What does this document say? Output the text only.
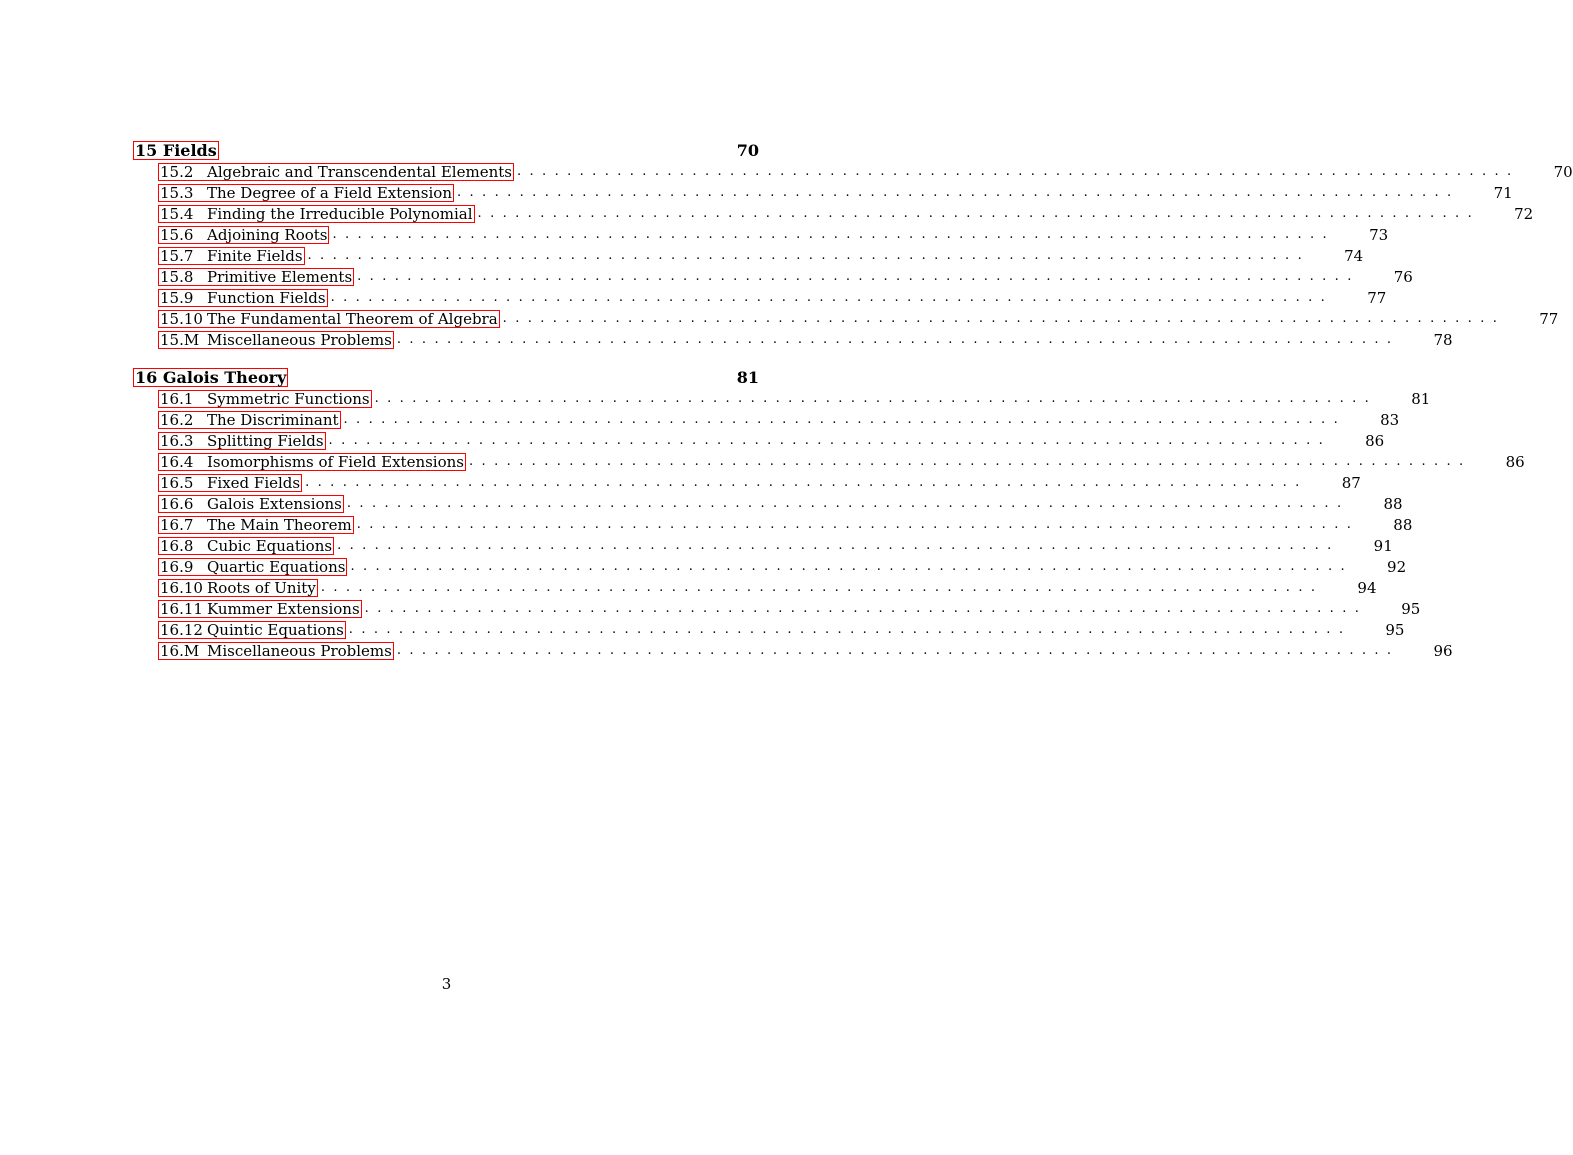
15 Fields	70
15.2 Algebraic and Transcendental Elements ................................................................................ 70
15.3 The Degree of a Field Extension ................................................................................ 71
15.4 Finding the Irreducible Polynomial ................................................................................ 72
15.6 Adjoining Roots ................................................................................ 73
15.7 Finite Fields ................................................................................ 74
15.8 Primitive Elements ................................................................................ 76
15.9 Function Fields ................................................................................ 77
15.10 The Fundamental Theorem of Algebra ................................................................................ 77
15.M Miscellaneous Problems ................................................................................ 78
16 Galois Theory	81
16.1 Symmetric Functions ................................................................................ 81
16.2 The Discriminant ................................................................................ 83
16.3 Splitting Fields ................................................................................ 86
16.4 Isomorphisms of Field Extensions ................................................................................ 86
16.5 Fixed Fields ................................................................................ 87
16.6 Galois Extensions ................................................................................ 88
16.7 The Main Theorem ................................................................................ 88
16.8 Cubic Equations ................................................................................ 91
16.9 Quartic Equations ................................................................................ 92
16.10 Roots of Unity ................................................................................ 94
16.11 Kummer Extensions ................................................................................ 95
16.12 Quintic Equations ................................................................................ 95
16.M Miscellaneous Problems ................................................................................ 96
3
